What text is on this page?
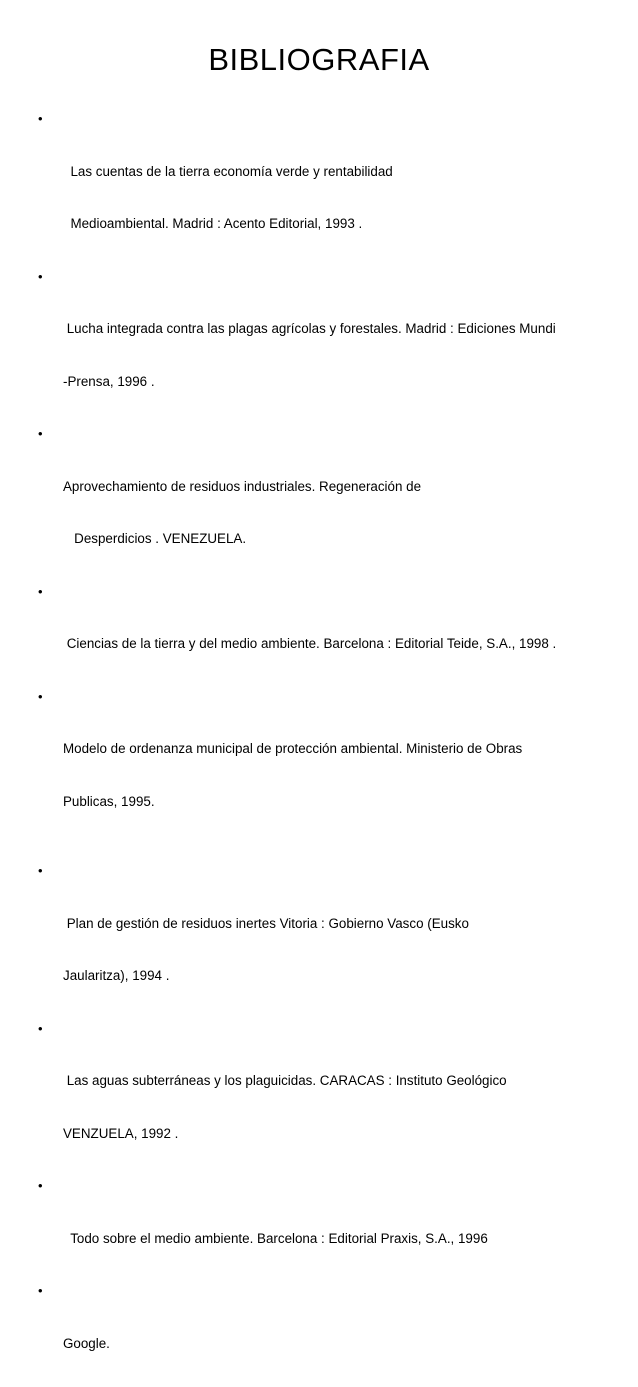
BIBLIOGRAFIA

•

Las cuentas de la tierra economía verde y rentabilidad

Medioambiental. Madrid : Acento Editorial, 1993 .

•

Lucha integrada contra las plagas agrícolas y forestales. Madrid : Ediciones Mundi

-Prensa, 1996 .

•

Aprovechamiento de residuos industriales. Regeneración de

Desperdicios . VENEZUELA.

•

Ciencias de la tierra y del medio ambiente. Barcelona : Editorial Teide, S.A., 1998 .

•

Modelo de ordenanza municipal de protección ambiental. Ministerio de Obras

Publicas, 1995.

•

Plan de gestión de residuos inertes Vitoria : Gobierno Vasco (Eusko

Jaularitza), 1994 .

•

Las aguas subterráneas y los plaguicidas. CARACAS : Instituto Geológico

VENZUELA, 1992 .

•

Todo sobre el medio ambiente. Barcelona : Editorial Praxis, S.A., 1996

•

Google.
